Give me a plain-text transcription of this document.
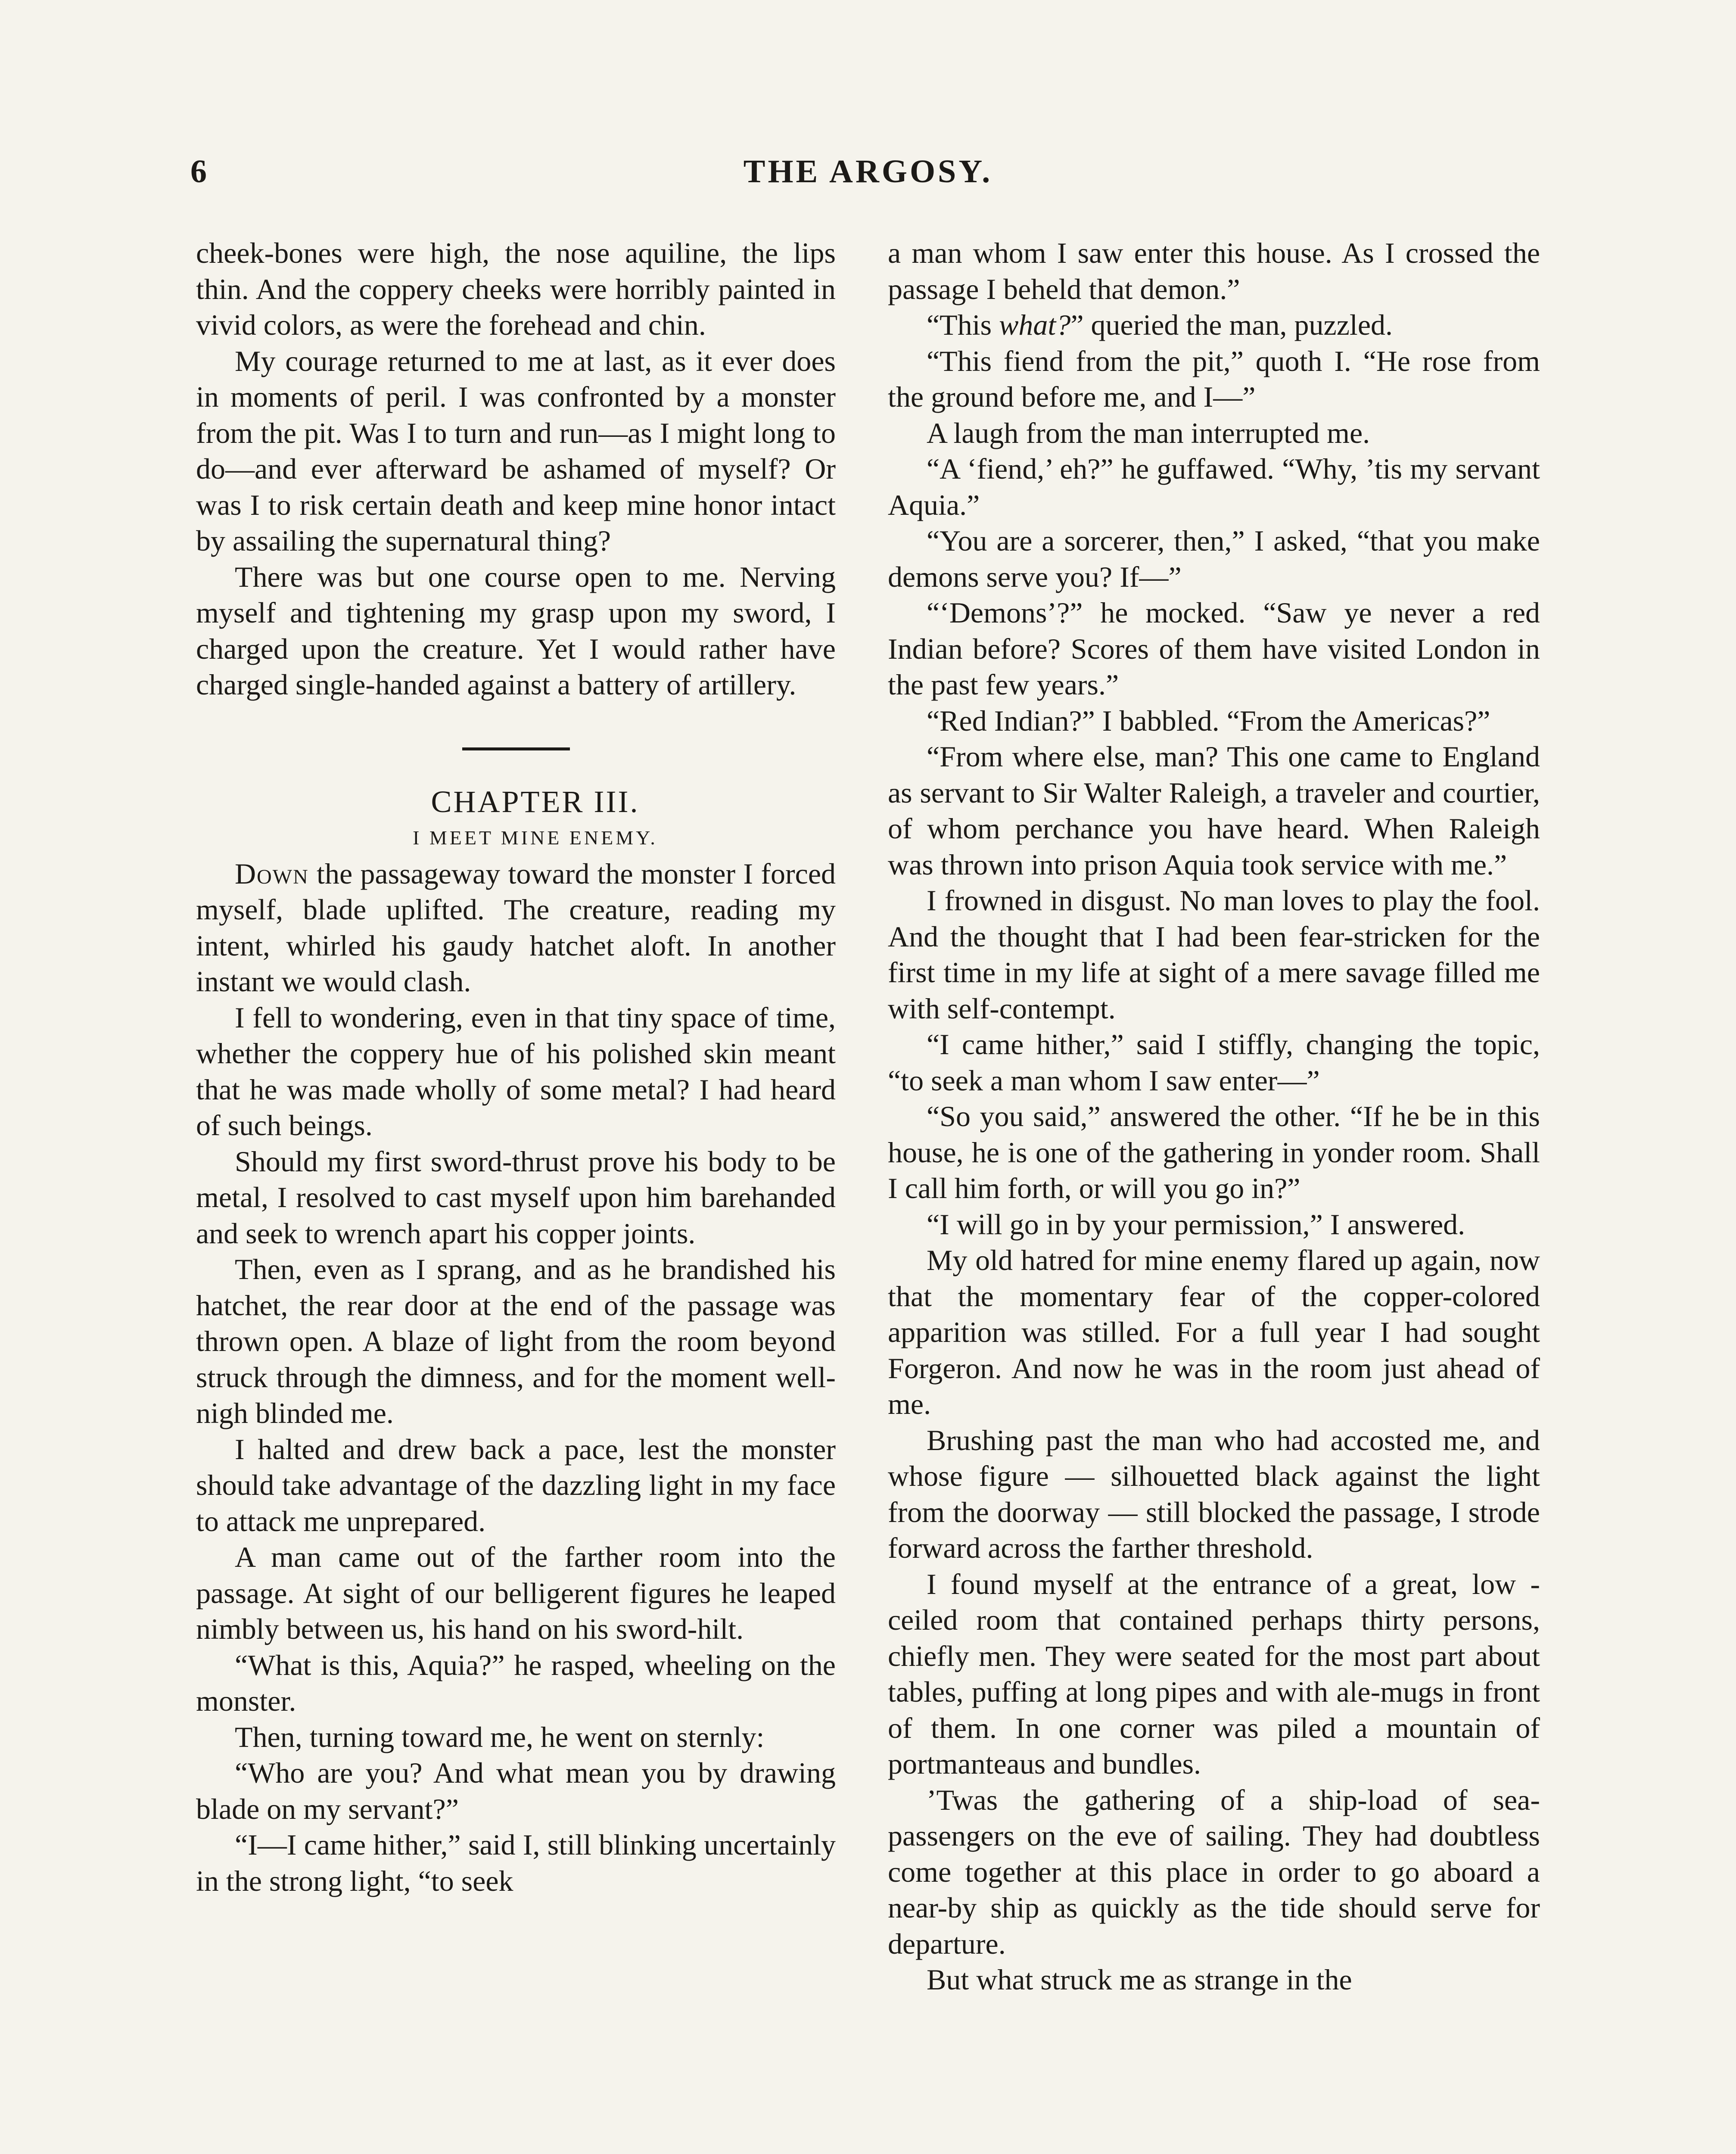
6	THE ARGOSY.

cheek-bones were high, the nose aquiline, the lips thin. And the coppery cheeks were horribly painted in vivid colors, as were the forehead and chin.

My courage returned to me at last, as it ever does in moments of peril. I was confronted by a monster from the pit. Was I to turn and run—as I might long to do—and ever afterward be ashamed of myself? Or was I to risk certain death and keep mine honor intact by assailing the supernatural thing?

There was but one course open to me. Nerving myself and tightening my grasp upon my sword, I charged upon the creature. Yet I would rather have charged single-handed against a battery of artillery.

CHAPTER III.

I MEET MINE ENEMY.

Down the passageway toward the monster I forced myself, blade uplifted. The creature, reading my intent, whirled his gaudy hatchet aloft. In another instant we would clash.

I fell to wondering, even in that tiny space of time, whether the coppery hue of his polished skin meant that he was made wholly of some metal? I had heard of such beings.

Should my first sword-thrust prove his body to be metal, I resolved to cast myself upon him barehanded and seek to wrench apart his copper joints.

Then, even as I sprang, and as he brandished his hatchet, the rear door at the end of the passage was thrown open. A blaze of light from the room beyond struck through the dimness, and for the moment well-nigh blinded me.

I halted and drew back a pace, lest the monster should take advantage of the dazzling light in my face to attack me unprepared.

A man came out of the farther room into the passage. At sight of our belligerent figures he leaped nimbly between us, his hand on his sword-hilt.

“What is this, Aquia?” he rasped, wheeling on the monster.

Then, turning toward me, he went on sternly:

“Who are you? And what mean you by drawing blade on my servant?”

“I—I came hither,” said I, still blinking uncertainly in the strong light, “to seek

a man whom I saw enter this house. As I crossed the passage I beheld that demon.”

“This what?” queried the man, puzzled.

“This fiend from the pit,” quoth I. “He rose from the ground before me, and I—”

A laugh from the man interrupted me.

“A ‘fiend,’ eh?” he guffawed. “Why, ’tis my servant Aquia.”

“You are a sorcerer, then,” I asked, “that you make demons serve you? If—”

“‘Demons’?” he mocked. “Saw ye never a red Indian before? Scores of them have visited London in the past few years.”

“Red Indian?” I babbled. “From the Americas?”

“From where else, man? This one came to England as servant to Sir Walter Raleigh, a traveler and courtier, of whom perchance you have heard. When Raleigh was thrown into prison Aquia took service with me.”

I frowned in disgust. No man loves to play the fool. And the thought that I had been fear-stricken for the first time in my life at sight of a mere savage filled me with self-contempt.

“I came hither,” said I stiffly, changing the topic, “to seek a man whom I saw enter—”

“So you said,” answered the other. “If he be in this house, he is one of the gathering in yonder room. Shall I call him forth, or will you go in?”

“I will go in by your permission,” I answered.

My old hatred for mine enemy flared up again, now that the momentary fear of the copper-colored apparition was stilled. For a full year I had sought Forgeron. And now he was in the room just ahead of me.

Brushing past the man who had accosted me, and whose figure — silhouetted black against the light from the doorway — still blocked the passage, I strode forward across the farther threshold.

I found myself at the entrance of a great, low - ceiled room that contained perhaps thirty persons, chiefly men. They were seated for the most part about tables, puffing at long pipes and with ale-mugs in front of them. In one corner was piled a mountain of portmanteaus and bundles.

’Twas the gathering of a ship-load of sea-passengers on the eve of sailing. They had doubtless come together at this place in order to go aboard a near-by ship as quickly as the tide should serve for departure.

But what struck me as strange in the
